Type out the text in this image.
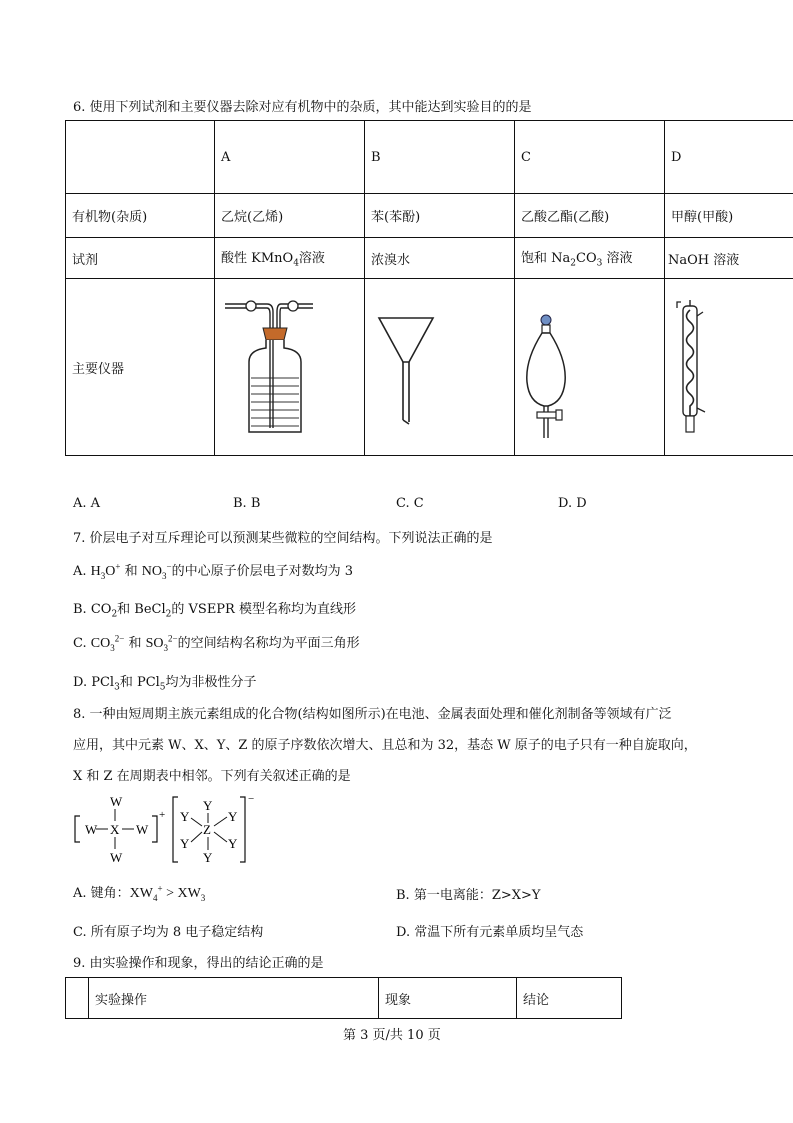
6. 使用下列试剂和主要仪器去除对应有机物中的杂质，其中能达到实验目的的是
	A	B	C	D
有机物(杂质)	乙烷(乙烯)	苯(苯酚)	乙酸乙酯(乙酸)	甲醇(甲酸)
试剂	酸性 KMnO$_4$溶液	浓溴水	饱和 $Na_2CO_3$ 溶液	NaOH 溶液
主要仪器				
A. A	B. B	C. C	D. D
7. 价层电子对互斥理论可以预测某些微粒的空间结构。下列说法正确的是
A. $H_3O^+$ 和 $NO_3^-$的中心原子价层电子对数均为 3
B. $CO_2$和 BeCl$_2$的 VSEPR 模型名称均为直线形
C. $CO_3^{2-}$ 和 $SO_3^{2-}$的空间结构名称均为平面三角形
D. PCl$_3$和 PCl$_5$均为非极性分子
8. 一种由短周期主族元素组成的化合物(结构如图所示)在电池、金属表面处理和催化剂制备等领域有广泛
应用，其中元素 W、X、Y、Z 的原子序数依次增大、且总和为 32，基态 W 原子的电子只有一种自旋取向，
X 和 Z 在周期表中相邻。下列有关叙述正确的是
W X
W
W
W
+
Y
Y	Y
Z
Y	Y
Y
−
A. 键角：$XW_4^+ > XW_3$	B. 第一电离能：Z>X>Y
C. 所有原子均为 8 电子稳定结构	D. 常温下所有元素单质均呈气态
9. 由实验操作和现象，得出的结论正确的是
	实验操作	现象	结论
第 3 页/共 10 页
